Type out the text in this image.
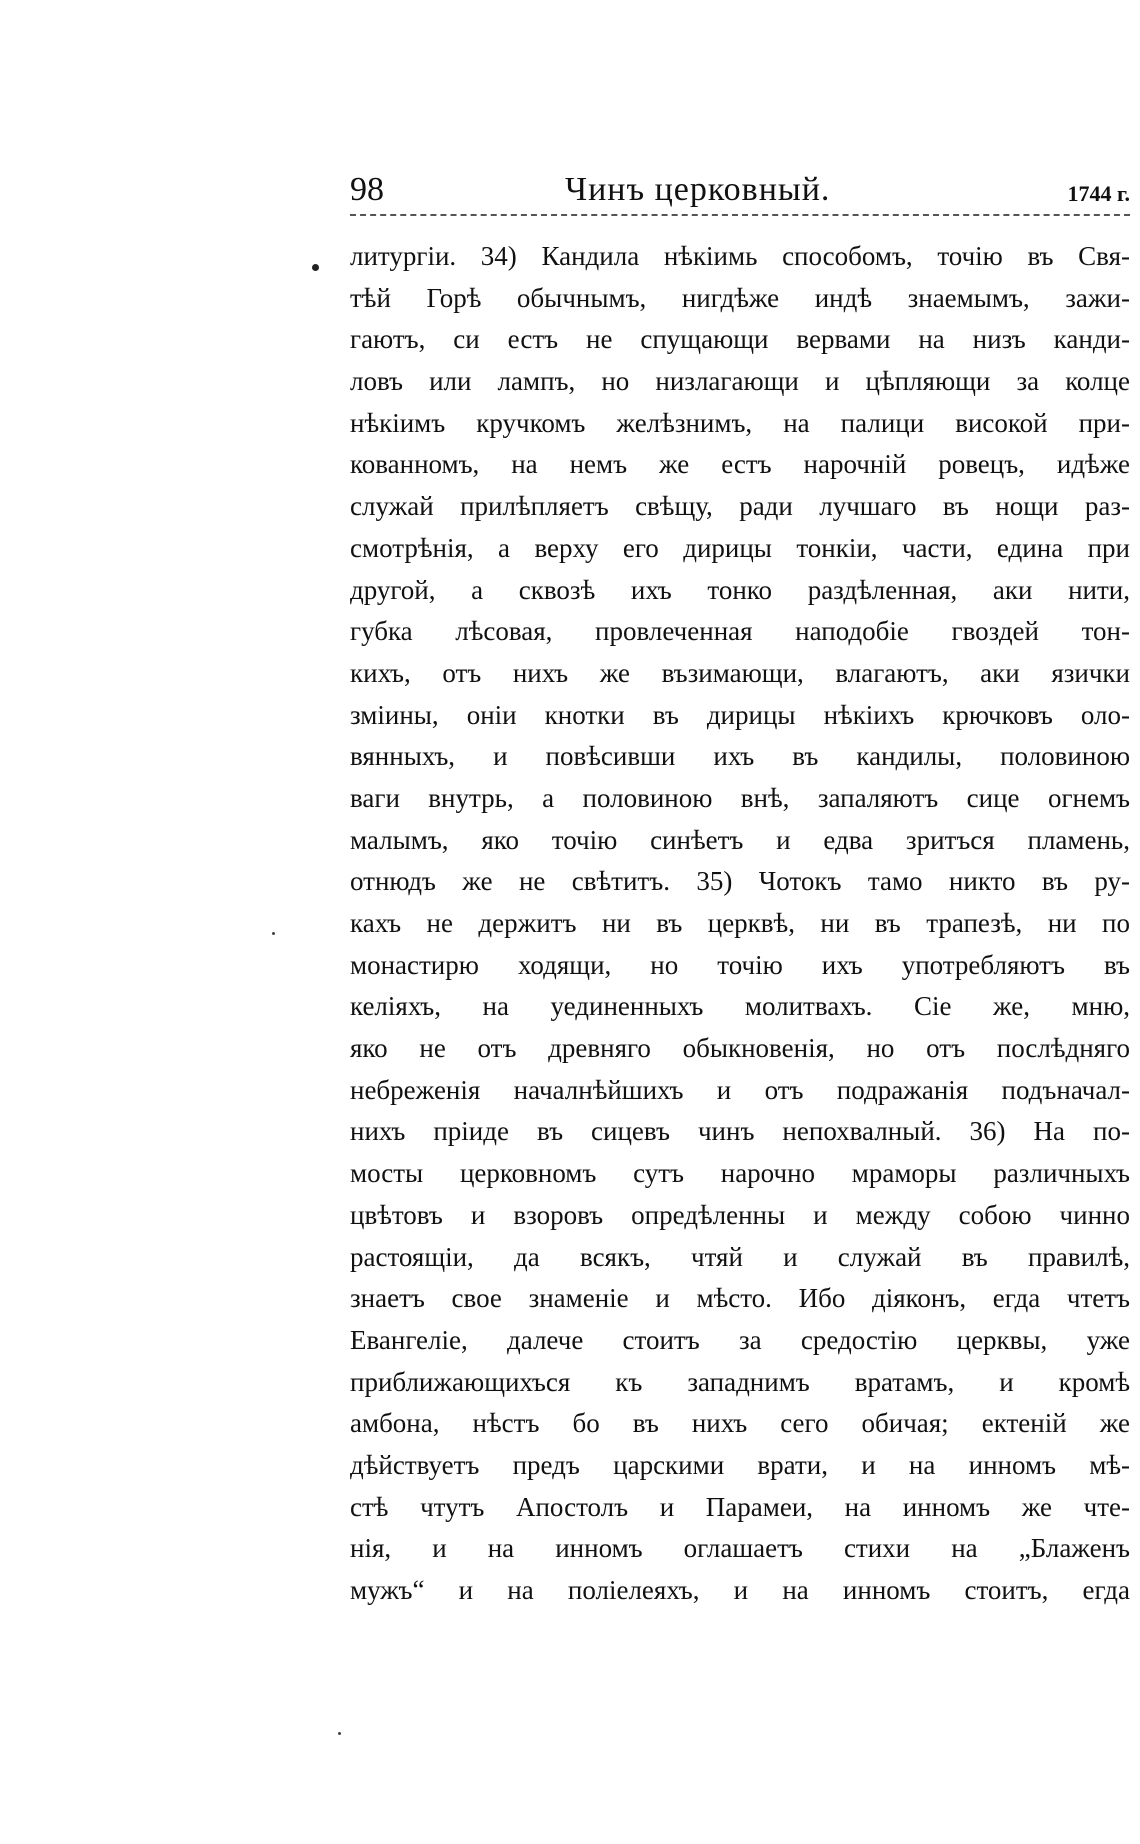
98	Чинъ церковный.	1744 г.
литургіи. 34) Кандила нѣкіимь способомъ, точію въ Свя-
тѣй Горѣ обычнымъ, нигдѣже индѣ знаемымъ, зажи-
гаютъ, си естъ не спущающи вервами на низъ канди-
ловъ или лампъ, но низлагающи и цѣпляющи за колце
нѣкіимъ кручкомъ желѣзнимъ, на палици високой при-
кованномъ, на немъ же естъ нарочній ровецъ, идѣже
служай прилѣпляетъ свѣщу, ради лучшаго въ нощи раз-
смотрѣнія, а верху его дирицы тонкіи, части, едина при
другой, а сквозѣ ихъ тонко раздѣленная, аки нити,
губка лѣсовая, провлеченная наподобіе гвоздей тон-
кихъ, отъ нихъ же възимающи, влагаютъ, аки язички
зміины, оніи кнотки въ дирицы нѣкіихъ крючковъ оло-
вянныхъ, и повѣсивши ихъ въ кандилы, половиною
ваги внутрь, а половиною внѣ, запаляютъ сице огнемъ
малымъ, яко точію синѣетъ и едва зритъся пламень,
отнюдъ же не свѣтитъ. 35) Чотокъ тамо никто въ ру-
кахъ не держитъ ни въ церквѣ, ни въ трапезѣ, ни по
монастирю ходящи, но точію ихъ употребляютъ въ
келіяхъ, на уединенныхъ молитвахъ. Сіе же, мню,
яко не отъ древняго обыкновенія, но отъ послѣдняго
небреженія началнѣйшихъ и отъ подражанія подъначал-
нихъ пріиде въ сицевъ чинъ непохвалный. 36) На по-
мосты церковномъ сутъ нарочно мраморы различныхъ
цвѣтовъ и взоровъ опредѣленны и между собою чинно
растоящіи, да всякъ, чтяй и служай въ правилѣ,
знаетъ свое знаменіе и мѣсто. Ибо діяконъ, егда чтетъ
Евангеліе, далече стоитъ за средостію церквы, уже
приближающихъся къ западнимъ вратамъ, и кромѣ
амбона, нѣстъ бо въ нихъ сего обичая; ектеній же
дѣйствуетъ предъ царскими врати, и на инномъ мѣ-
стѣ чтутъ Апостолъ и Парамеи, на инномъ же чте-
нія, и на инномъ оглашаетъ стихи на „Блаженъ
мужъ“ и на поліелеяхъ, и на инномъ стоитъ, егда
